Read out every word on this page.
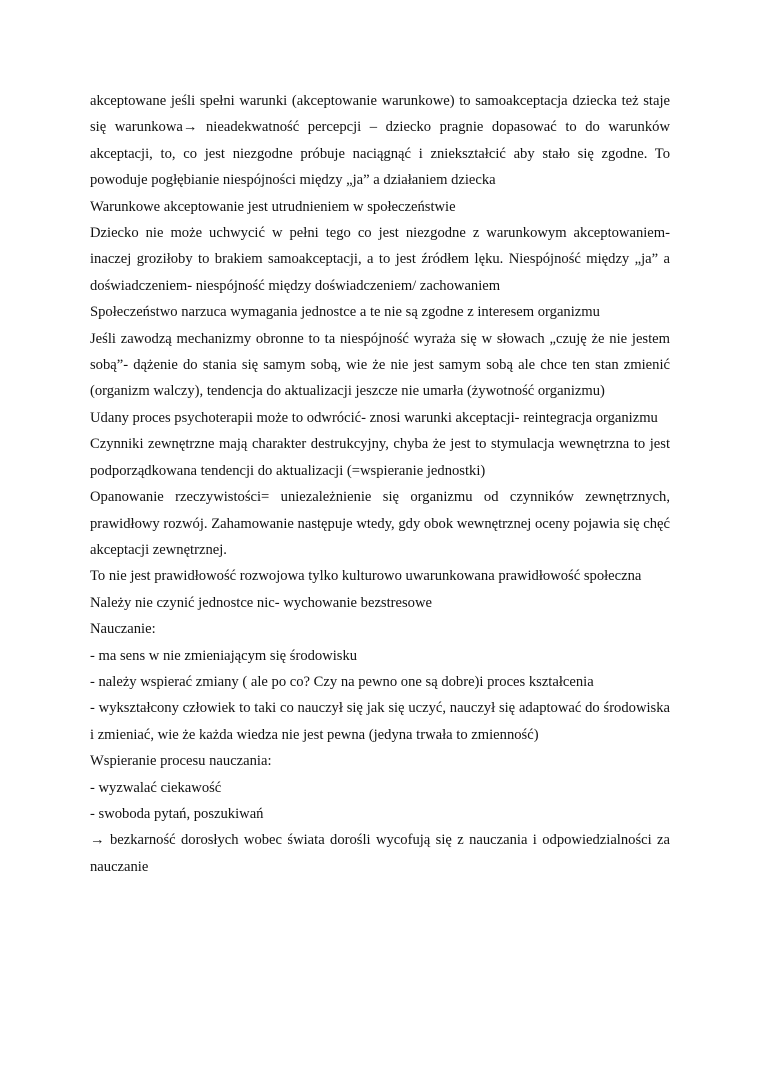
akceptowane jeśli spełni warunki (akceptowanie warunkowe) to samoakceptacja dziecka też staje się warunkowa→ nieadekwatność percepcji – dziecko pragnie dopasować to do warunków akceptacji, to, co jest niezgodne próbuje naciągnąć i zniekształcić aby stało się zgodne. To powoduje pogłębianie niespójności między „ja” a działaniem dziecka

Warunkowe akceptowanie jest utrudnieniem w społeczeństwie

Dziecko nie może uchwycić w pełni tego co jest niezgodne z warunkowym akceptowaniem- inaczej groziłoby to brakiem samoakceptacji, a to jest źródłem lęku. Niespójność między „ja” a doświadczeniem- niespójność między doświadczeniem/ zachowaniem

Społeczeństwo narzuca wymagania jednostce a te nie są zgodne z interesem organizmu

Jeśli zawodzą mechanizmy obronne to ta niespójność wyraża się w słowach „czuję że nie jestem sobą”- dążenie do stania się samym sobą, wie że nie jest samym sobą ale chce ten stan zmienić (organizm walczy), tendencja do aktualizacji jeszcze nie umarła (żywotność organizmu)

Udany proces psychoterapii może to odwrócić- znosi warunki akceptacji- reintegracja organizmu

Czynniki zewnętrzne mają charakter destrukcyjny, chyba że jest to stymulacja wewnętrzna to jest podporządkowana tendencji do aktualizacji (=wspieranie jednostki)

Opanowanie rzeczywistości= uniezależnienie się organizmu od czynników zewnętrznych, prawidłowy rozwój. Zahamowanie następuje wtedy, gdy obok wewnętrznej oceny pojawia się chęć akceptacji zewnętrznej.

To nie jest prawidłowość rozwojowa tylko kulturowo uwarunkowana prawidłowość społeczna

Należy nie czynić jednostce nic- wychowanie bezstresowe

Nauczanie:

- ma sens w nie zmieniającym się środowisku

- należy wspierać zmiany ( ale po co? Czy na pewno one są dobre)i proces kształcenia

- wykształcony człowiek to taki co nauczył się jak się uczyć, nauczył się adaptować do środowiska i zmieniać, wie że każda wiedza nie jest pewna (jedyna trwała to zmienność)

Wspieranie procesu nauczania:

- wyzwalać ciekawość

- swoboda pytań, poszukiwań

→ bezkarność dorosłych wobec świata dorośli wycofują się z nauczania i odpowiedzialności za nauczanie
